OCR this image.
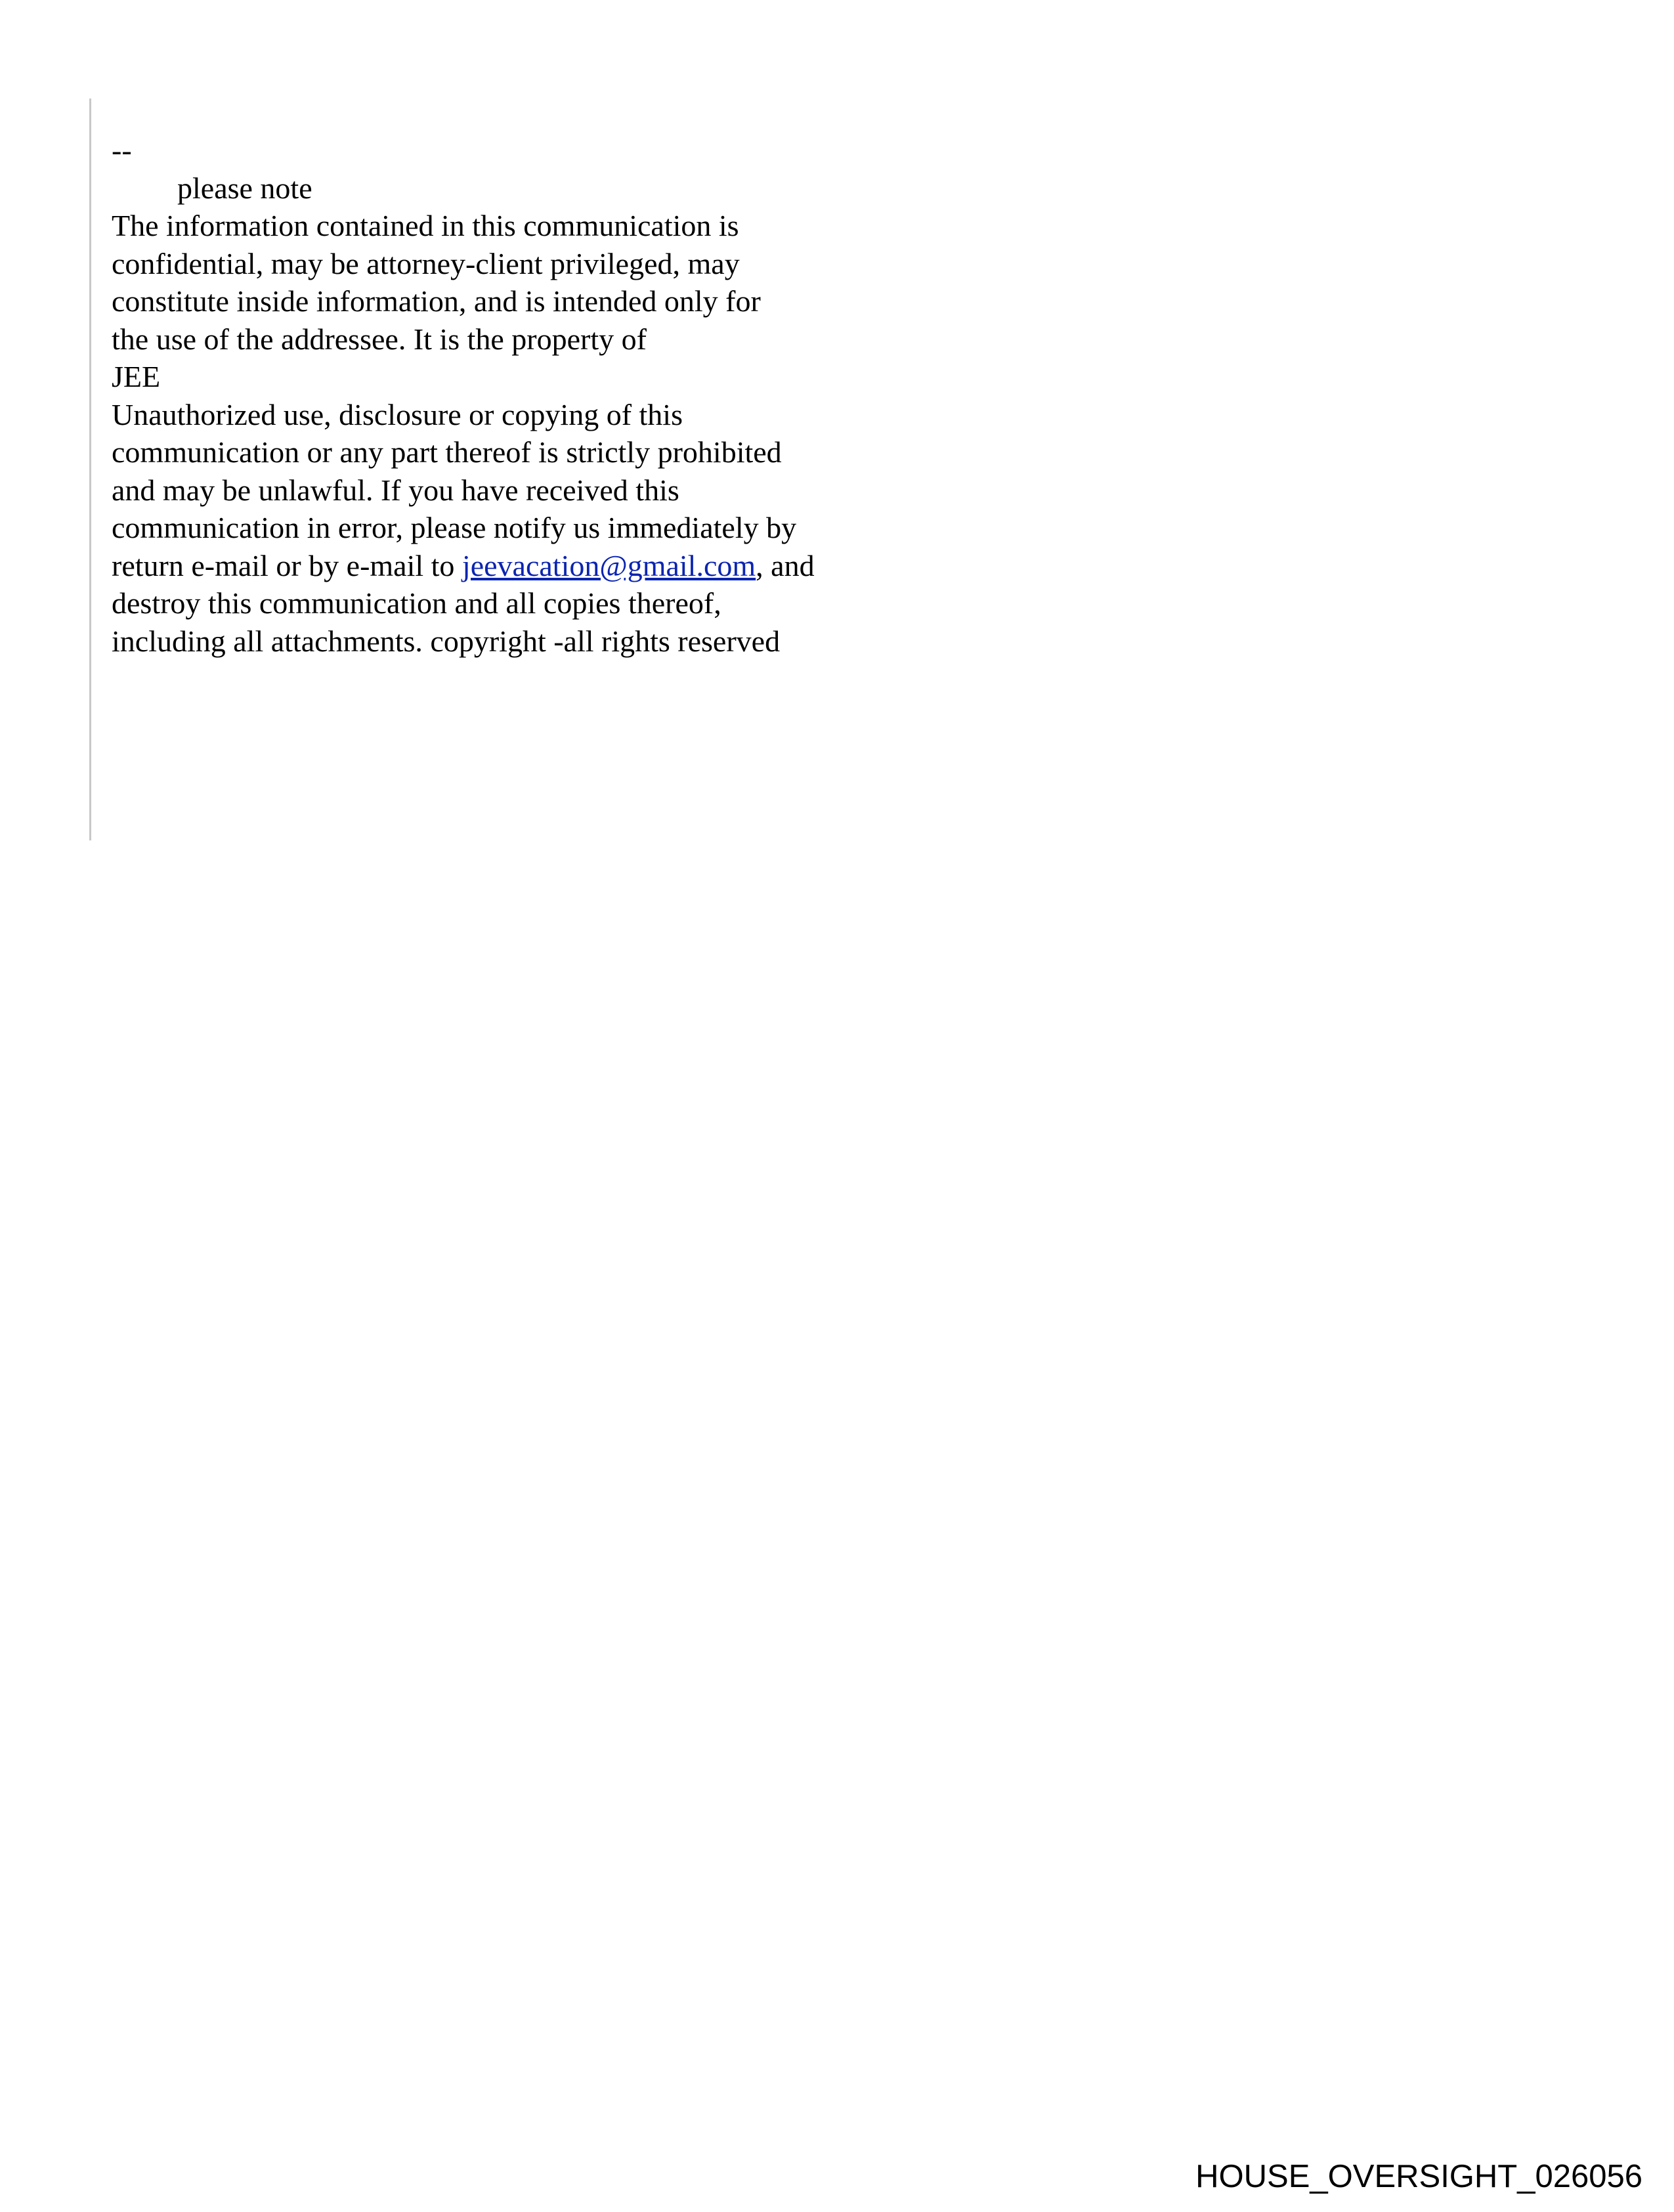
--
please note
The information contained in this communication is
confidential, may be attorney-client privileged, may
constitute inside information, and is intended only for
the use of the addressee. It is the property of
JEE
Unauthorized use, disclosure or copying of this
communication or any part thereof is strictly prohibited
and may be unlawful. If you have received this
communication in error, please notify us immediately by
return e-mail or by e-mail to jeevacation@gmail.com, and
destroy this communication and all copies thereof,
including all attachments. copyright -all rights reserved
HOUSE_OVERSIGHT_026056
